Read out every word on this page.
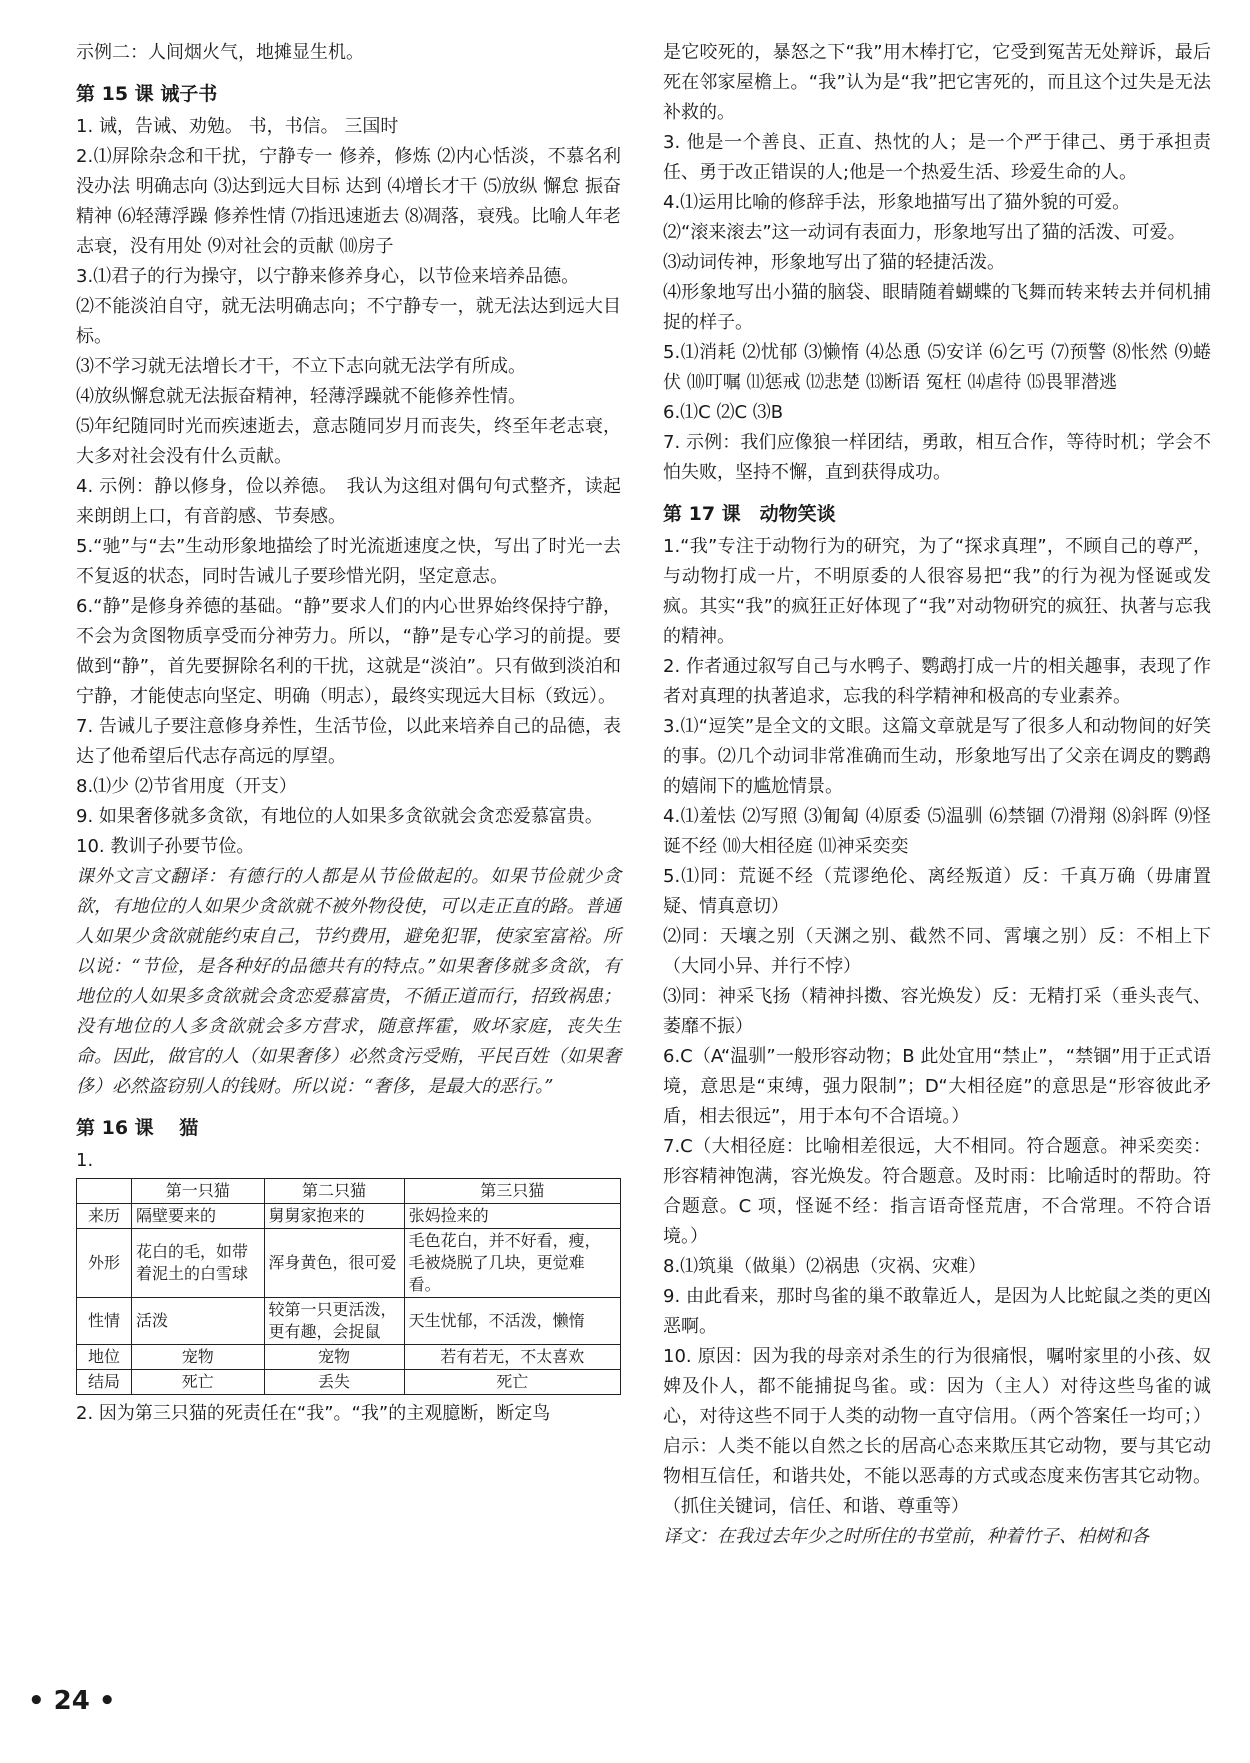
示例二：人间烟火气，地摊显生机。

第 15 课 诫子书

1. 诫，告诫、劝勉。 书，书信。 三国时

2.⑴屏除杂念和干扰，宁静专一 修养，修炼 ⑵内心恬淡，不慕名利 没办法 明确志向 ⑶达到远大目标 达到 ⑷增长才干 ⑸放纵 懈怠 振奋精神 ⑹轻薄浮躁 修养性情 ⑺指迅速逝去 ⑻凋落，衰残。比喻人年老志衰，没有用处 ⑼对社会的贡献 ⑽房子

3.⑴君子的行为操守，以宁静来修养身心，以节俭来培养品德。

⑵不能淡泊自守，就无法明确志向；不宁静专一，就无法达到远大目标。

⑶不学习就无法增长才干，不立下志向就无法学有所成。

⑷放纵懈怠就无法振奋精神，轻薄浮躁就不能修养性情。

⑸年纪随同时光而疾速逝去，意志随同岁月而丧失，终至年老志衰，大多对社会没有什么贡献。

4. 示例：静以修身，俭以养德。　我认为这组对偶句句式整齐，读起来朗朗上口，有音韵感、节奏感。

5.“驰”与“去”生动形象地描绘了时光流逝速度之快，写出了时光一去不复返的状态，同时告诫儿子要珍惜光阴，坚定意志。

6.“静”是修身养德的基础。“静”要求人们的内心世界始终保持宁静，不会为贪图物质享受而分神劳力。所以，“静”是专心学习的前提。要做到“静”，首先要摒除名利的干扰，这就是“淡泊”。只有做到淡泊和宁静，才能使志向坚定、明确（明志），最终实现远大目标（致远）。

7. 告诫儿子要注意修身养性，生活节俭，以此来培养自己的品德，表达了他希望后代志存高远的厚望。

8.⑴少 ⑵节省用度（开支）

9. 如果奢侈就多贪欲，有地位的人如果多贪欲就会贪恋爱慕富贵。

10. 教训子孙要节俭。

课外文言文翻译：有德行的人都是从节俭做起的。如果节俭就少贪欲，有地位的人如果少贪欲就不被外物役使，可以走正直的路。普通人如果少贪欲就能约束自己，节约费用，避免犯罪，使家室富裕。所以说：“节俭，是各种好的品德共有的特点。”如果奢侈就多贪欲，有地位的人如果多贪欲就会贪恋爱慕富贵，不循正道而行，招致祸患；没有地位的人多贪欲就会多方营求，随意挥霍，败坏家庭，丧失生命。因此，做官的人（如果奢侈）必然贪污受贿，平民百姓（如果奢侈）必然盗窃别人的钱财。所以说：“奢侈，是最大的恶行。”

第 16 课　 猫

1.

	第一只猫	第二只猫	第三只猫
来历	隔壁要来的	舅舅家抱来的	张妈捡来的
外形	花白的毛，如带着泥土的白雪球	浑身黄色，很可爱	毛色花白，并不好看，瘦，毛被烧脱了几块，更觉难看。
性情	活泼	较第一只更活泼，更有趣，会捉鼠	天生忧郁，不活泼，懒惰
地位	宠物	宠物	若有若无，不太喜欢
结局	死亡	丢失	死亡

2. 因为第三只猫的死责任在“我”。“我”的主观臆断，断定鸟

是它咬死的，暴怒之下“我”用木棒打它，它受到冤苦无处辩诉，最后死在邻家屋檐上。“我”认为是“我”把它害死的，而且这个过失是无法补救的。

3. 他是一个善良、正直、热忱的人；是一个严于律己、勇于承担责任、勇于改正错误的人;他是一个热爱生活、珍爱生命的人。

4.⑴运用比喻的修辞手法，形象地描写出了猫外貌的可爱。

⑵“滚来滚去”这一动词有表面力，形象地写出了猫的活泼、可爱。

⑶动词传神，形象地写出了猫的轻捷活泼。

⑷形象地写出小猫的脑袋、眼睛随着蝴蝶的飞舞而转来转去并伺机捕捉的样子。

5.⑴消耗 ⑵忧郁 ⑶懒惰 ⑷怂恿 ⑸安详 ⑹乞丐 ⑺预警 ⑻怅然 ⑼蜷伏 ⑽叮嘱 ⑾惩戒 ⑿悲楚 ⒀断语 冤枉 ⒁虐待 ⒂畏罪潜逃

6.⑴C ⑵C ⑶B

7. 示例：我们应像狼一样团结，勇敢，相互合作，等待时机；学会不怕失败，坚持不懈，直到获得成功。

第 17 课　动物笑谈

1.“我”专注于动物行为的研究，为了“探求真理”，不顾自己的尊严，与动物打成一片，不明原委的人很容易把“我”的行为视为怪诞或发疯。其实“我”的疯狂正好体现了“我”对动物研究的疯狂、执著与忘我的精神。

2. 作者通过叙写自己与水鸭子、鹦鹉打成一片的相关趣事，表现了作者对真理的执著追求，忘我的科学精神和极高的专业素养。

3.⑴“逗笑”是全文的文眼。这篇文章就是写了很多人和动物间的好笑的事。⑵几个动词非常准确而生动，形象地写出了父亲在调皮的鹦鹉的嬉闹下的尴尬情景。

4.⑴羞怯 ⑵写照 ⑶匍匐 ⑷原委 ⑸温驯 ⑹禁锢 ⑺滑翔 ⑻斜晖 ⑼怪诞不经 ⑽大相径庭 ⑾神采奕奕

5.⑴同：荒诞不经（荒谬绝伦、离经叛道）反：千真万确（毋庸置疑、情真意切）

⑵同：天壤之别（天渊之别、截然不同、霄壤之别）反：不相上下（大同小异、并行不悖）

⑶同：神采飞扬（精神抖擞、容光焕发）反：无精打采（垂头丧气、萎靡不振）

6.C（A“温驯”一般形容动物；B 此处宜用“禁止”，“禁锢”用于正式语境，意思是“束缚，强力限制”；D“大相径庭”的意思是“形容彼此矛盾，相去很远”，用于本句不合语境。）

7.C（大相径庭：比喻相差很远，大不相同。符合题意。神采奕奕：形容精神饱满，容光焕发。符合题意。及时雨：比喻适时的帮助。符合题意。C 项，怪诞不经：指言语奇怪荒唐，不合常理。不符合语境。）

8.⑴筑巢（做巢）⑵祸患（灾祸、灾难）

9. 由此看来，那时鸟雀的巢不敢靠近人，是因为人比蛇鼠之类的更凶恶啊。

10. 原因：因为我的母亲对杀生的行为很痛恨，嘱咐家里的小孩、奴婢及仆人，都不能捕捉鸟雀。或：因为（主人）对待这些鸟雀的诚心，对待这些不同于人类的动物一直守信用。（两个答案任一均可；）启示：人类不能以自然之长的居高心态来欺压其它动物，要与其它动物相互信任，和谐共处，不能以恶毒的方式或态度来伤害其它动物。（抓住关键词，信任、和谐、尊重等）

译文：在我过去年少之时所住的书堂前，种着竹子、柏树和各

• 24 •
